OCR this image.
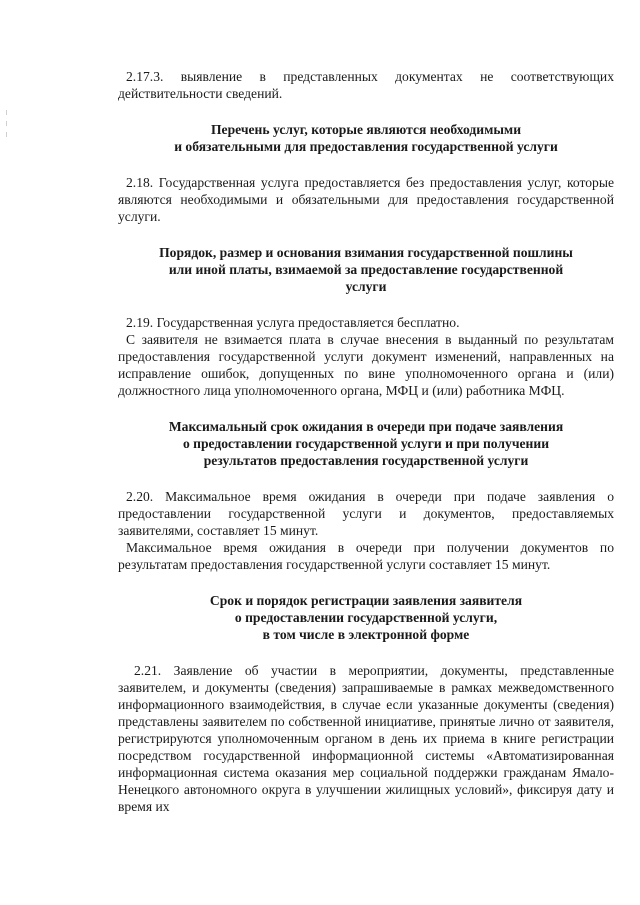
2.17.3. выявление в представленных документах не соответствующих действительности сведений.

Перечень услуг, которые являются необходимыми
и обязательными для предоставления государственной услуги

2.18. Государственная услуга предоставляется без предоставления услуг, которые являются необходимыми и обязательными для предоставления государственной услуги.

Порядок, размер и основания взимания государственной пошлины
или иной платы, взимаемой за предоставление государственной
услуги

2.19. Государственная услуга предоставляется бесплатно.

С заявителя не взимается плата в случае внесения в выданный по результатам предоставления государственной услуги документ изменений, направленных на исправление ошибок, допущенных по вине уполномоченного органа и (или) должностного лица уполномоченного органа, МФЦ и (или) работника МФЦ.

Максимальный срок ожидания в очереди при подаче заявления
о предоставлении государственной услуги и при получении
результатов предоставления государственной услуги

2.20. Максимальное время ожидания в очереди при подаче заявления о предоставлении государственной услуги и документов, предоставляемых заявителями, составляет 15 минут.

Максимальное время ожидания в очереди при получении документов по результатам предоставления государственной услуги составляет 15 минут.

Срок и порядок регистрации заявления заявителя
о предоставлении государственной услуги,
в том числе в электронной форме

2.21. Заявление об участии в мероприятии, документы, представленные заявителем, и документы (сведения) запрашиваемые в рамках межведомственного информационного взаимодействия, в случае если указанные документы (сведения) представлены заявителем по собственной инициативе, принятые лично от заявителя, регистрируются уполномоченным органом в день их приема в книге регистрации посредством государственной информационной системы «Автоматизированная информационная система оказания мер социальной поддержки гражданам Ямало-Ненецкого автономного округа в улучшении жилищных условий», фиксируя дату и время их
